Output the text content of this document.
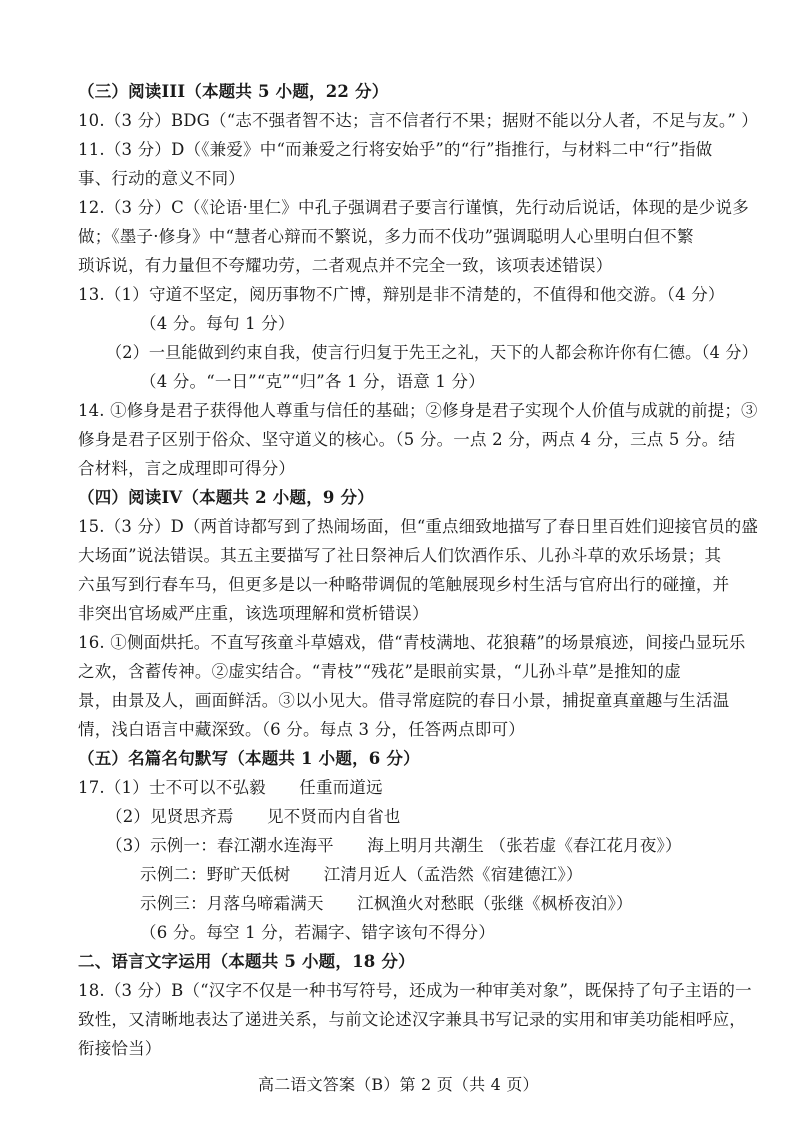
（三）阅读III（本题共 5 小题，22 分）
10.（3 分）BDG（“志不强者智不达；言不信者行不果；据财不能以分人者，不足与友。” ）
11.（3 分）D（《兼爱》中“而兼爱之行将安始乎”的“行”指推行，与材料二中“行”指做
事、行动的意义不同）
12.（3 分）C（《论语·里仁》中孔子强调君子要言行谨慎，先行动后说话，体现的是少说多
做；《墨子·修身》中“慧者心辩而不繁说，多力而不伐功”强调聪明人心里明白但不繁
琐诉说，有力量但不夸耀功劳，二者观点并不完全一致，该项表述错误）
13.（1）守道不坚定，阅历事物不广博，辩别是非不清楚的，不值得和他交游。（4 分）
（4 分。每句 1 分）
（2）一旦能做到约束自我，使言行归复于先王之礼，天下的人都会称许你有仁德。（4 分）
（4 分。“一日”“克”“归”各 1 分，语意 1 分）
14. ①修身是君子获得他人尊重与信任的基础；②修身是君子实现个人价值与成就的前提；③
修身是君子区别于俗众、坚守道义的核心。（5 分。一点 2 分，两点 4 分，三点 5 分。结
合材料，言之成理即可得分）
（四）阅读IV（本题共 2 小题，9 分）
15.（3 分）D（两首诗都写到了热闹场面，但“重点细致地描写了春日里百姓们迎接官员的盛
大场面”说法错误。其五主要描写了社日祭神后人们饮酒作乐、儿孙斗草的欢乐场景；其
六虽写到行春车马，但更多是以一种略带调侃的笔触展现乡村生活与官府出行的碰撞，并
非突出官场威严庄重，该选项理解和赏析错误）
16. ①侧面烘托。不直写孩童斗草嬉戏，借“青枝满地、花狼藉”的场景痕迹，间接凸显玩乐
之欢，含蓄传神。②虚实结合。“青枝”“残花”是眼前实景，“儿孙斗草”是推知的虚
景，由景及人，画面鲜活。③以小见大。借寻常庭院的春日小景，捕捉童真童趣与生活温
情，浅白语言中藏深致。（6 分。每点 3 分，任答两点即可）
（五）名篇名句默写（本题共 1 小题，6 分）
17.（1）士不可以不弘毅　　任重而道远
（2）见贤思齐焉　　见不贤而内自省也
（3）示例一：春江潮水连海平　　海上明月共潮生 （张若虚《春江花月夜》）
示例二：野旷天低树　　江清月近人（孟浩然《宿建德江》）
示例三：月落乌啼霜满天　　江枫渔火对愁眠（张继《枫桥夜泊》）
（6 分。每空 1 分，若漏字、错字该句不得分）
二、语言文字运用（本题共 5 小题，18 分）
18.（3 分）B（“汉字不仅是一种书写符号，还成为一种审美对象”，既保持了句子主语的一
致性，又清晰地表达了递进关系，与前文论述汉字兼具书写记录的实用和审美功能相呼应，
衔接恰当）
高二语文答案（B）第 2 页（共 4 页）
